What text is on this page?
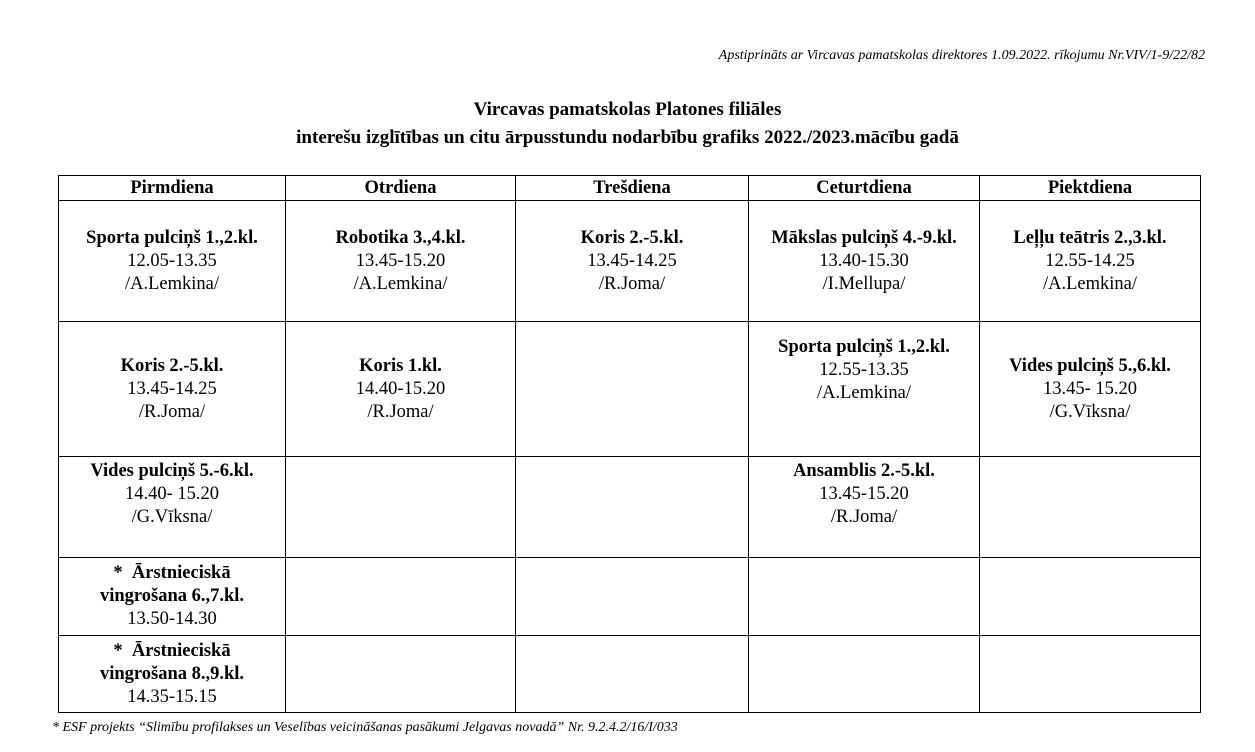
Apstiprināts ar Vircavas pamatskolas direktores 1.09.2022. rīkojumu Nr.VIV/1-9/22/82
Vircavas pamatskolas Platones filiāles
interešu izglītības un citu ārpusstundu nodarbību grafiks 2022./2023.mācību gadā
Pirmdiena	Otrdiena	Trešdiena	Ceturtdiena	Piektdiena

Sporta pulciņš 1.,2.kl.
12.05-13.35
/A.Lemkina/	Robotika 3.,4.kl.
13.45-15.20
/A.Lemkina/	Koris 2.-5.kl.
13.45-14.25
/R.Joma/	Mākslas pulciņš 4.-9.kl.
13.40-15.30
/I.Mellupa/	Leļļu teātris 2.,3.kl.
12.55-14.25
/A.Lemkina/

Koris 2.-5.kl.
13.45-14.25
/R.Joma/	Koris 1.kl.
14.40-15.20
/R.Joma/		Sporta pulciņš 1.,2.kl.
12.55-13.35
/A.Lemkina/	Vides pulciņš 5.,6.kl.
13.45- 15.20
/G.Vīksna/

Vides pulciņš 5.-6.kl.
14.40- 15.20
/G.Vīksna/			Ansamblis 2.-5.kl.
13.45-15.20
/R.Joma/	

*  Ārstnieciskā
vingrošana 6.,7.kl.
13.50-14.30				

*  Ārstnieciskā
vingrošana 8.,9.kl.
14.35-15.15				

* ESF projekts “Slimību profilakses un Veselības veicināšanas pasākumi Jelgavas novadā” Nr. 9.2.4.2/16/I/033
